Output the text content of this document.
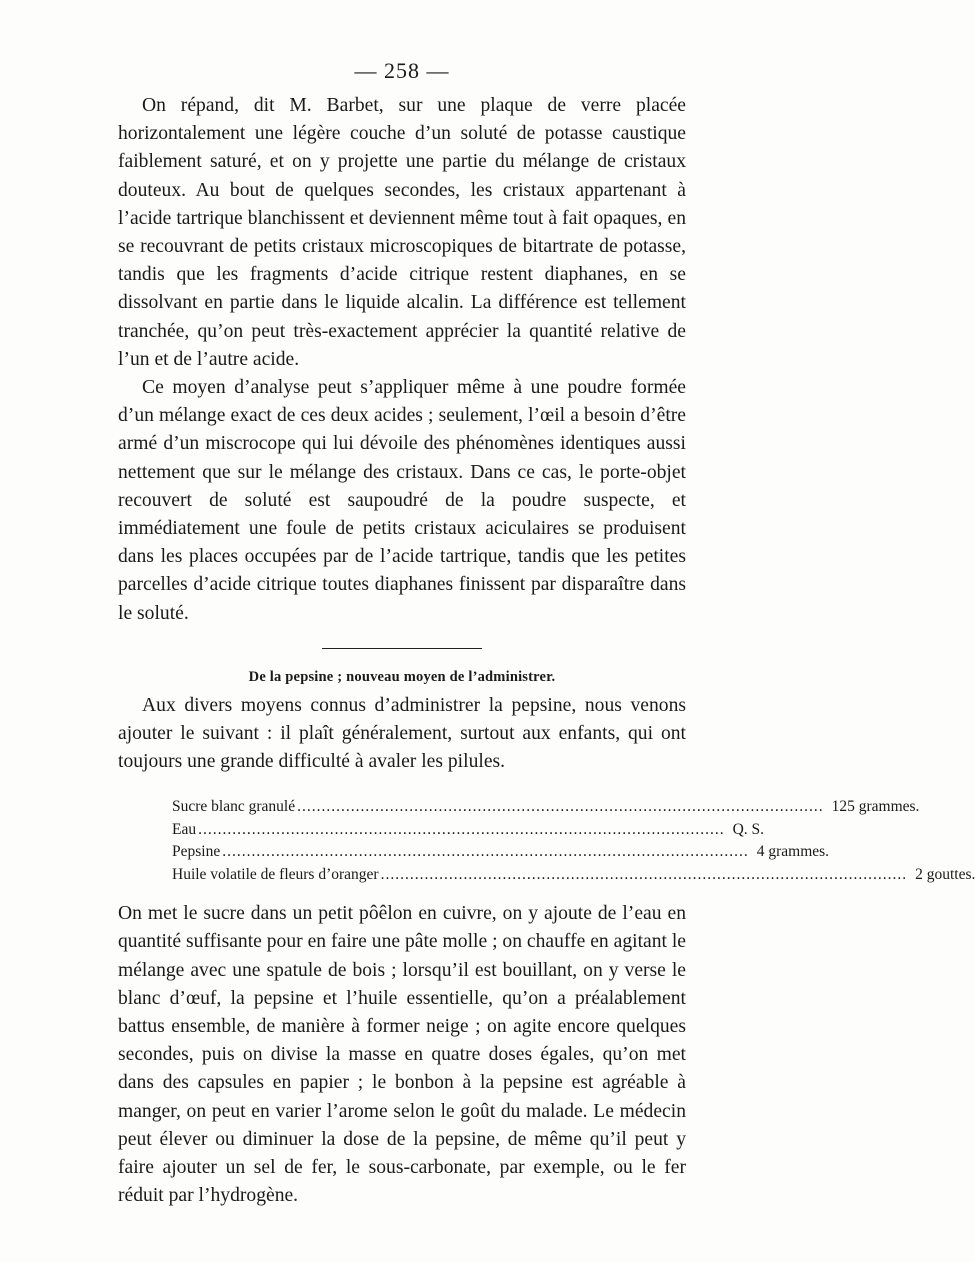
— 258 —

On répand, dit M. Barbet, sur une plaque de verre placée horizontalement une légère couche d’un soluté de potasse caustique faiblement saturé, et on y projette une partie du mélange de cristaux douteux. Au bout de quelques secondes, les cristaux appartenant à l’acide tartrique blanchissent et deviennent même tout à fait opaques, en se recouvrant de petits cristaux microscopiques de bitartrate de potasse, tandis que les fragments d’acide citrique restent diaphanes, en se dissolvant en partie dans le liquide alcalin. La différence est tellement tranchée, qu’on peut très-exactement apprécier la quantité relative de l’un et de l’autre acide.

Ce moyen d’analyse peut s’appliquer même à une poudre formée d’un mélange exact de ces deux acides ; seulement, l’œil a besoin d’être armé d’un miscrocope qui lui dévoile des phénomènes identiques aussi nettement que sur le mélange des cristaux. Dans ce cas, le porte-objet recouvert de soluté est saupoudré de la poudre suspecte, et immédiatement une foule de petits cristaux aciculaires se produisent dans les places occupées par de l’acide tartrique, tandis que les petites parcelles d’acide citrique toutes diaphanes finissent par disparaître dans le soluté.

De la pepsine ; nouveau moyen de l’administrer.

Aux divers moyens connus d’administrer la pepsine, nous venons ajouter le suivant : il plaît généralement, surtout aux enfants, qui ont toujours une grande difficulté à avaler les pilules.

Sucre blanc granulé ............................................................................................................ 125 grammes.
Eau ............................................................................................................ Q. S.
Pepsine ............................................................................................................ 4 grammes.
Huile volatile de fleurs d’oranger ............................................................................................................ 2 gouttes.

On met le sucre dans un petit pôêlon en cuivre, on y ajoute de l’eau en quantité suffisante pour en faire une pâte molle ; on chauffe en agitant le mélange avec une spatule de bois ; lorsqu’il est bouillant, on y verse le blanc d’œuf, la pepsine et l’huile essentielle, qu’on a préalablement battus ensemble, de manière à former neige ; on agite encore quelques secondes, puis on divise la masse en quatre doses égales, qu’on met dans des capsules en papier ; le bonbon à la pepsine est agréable à manger, on peut en varier l’arome selon le goût du malade. Le médecin peut élever ou diminuer la dose de la pepsine, de même qu’il peut y faire ajouter un sel de fer, le sous-carbonate, par exemple, ou le fer réduit par l’hydrogène.
